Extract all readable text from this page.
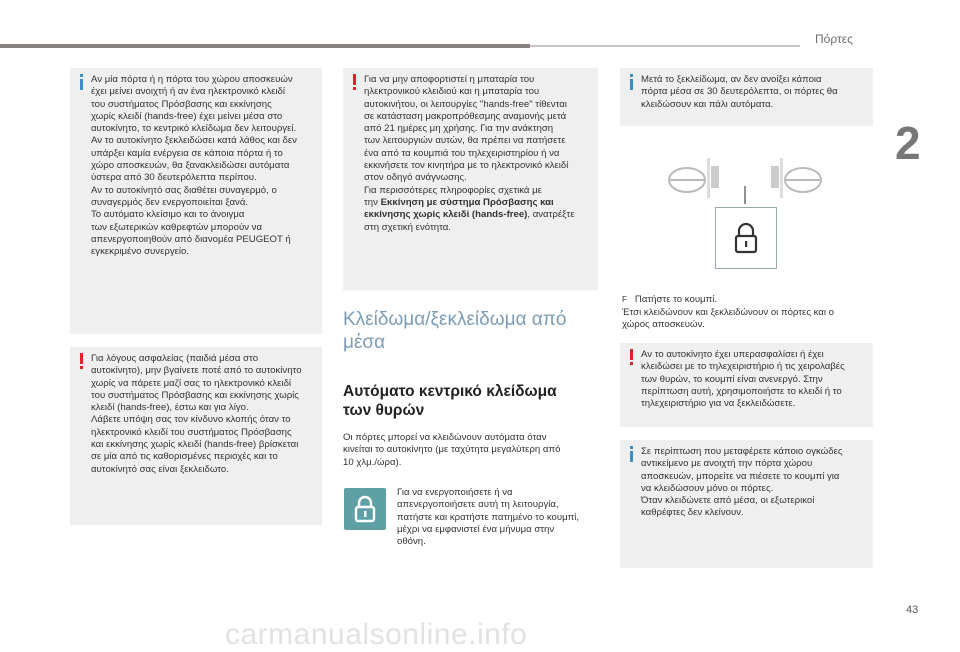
Πόρτες
2
Αν μία πόρτα ή η πόρτα του χώρου αποσκευών
έχει μείνει ανοιχτή ή αν ένα ηλεκτρονικό κλειδί
του συστήματος Πρόσβασης και εκκίνησης
χωρίς κλειδί (hands-free) έχει μείνει μέσα στο
αυτοκίνητο, το κεντρικό κλείδωμα δεν λειτουργεί.
Αν το αυτοκίνητο ξεκλειδώσει κατά λάθος και δεν
υπάρξει καμία ενέργεια σε κάποια πόρτα ή το
χώρο αποσκευών, θα ξανακλειδώσει αυτόματα
ύστερα από 30 δευτερόλεπτα περίπου.
Αν το αυτοκίνητό σας διαθέτει συναγερμό, ο
συναγερμός δεν ενεργοποιείται ξανά.
Το αυτόματο κλείσιμο και το άνοιγμα
των εξωτερικών καθρεφτών μπορούν να
απενεργοποιηθούν από διανομέα PEUGEOT ή
εγκεκριμένο συνεργείο.
Για λόγους ασφαλείας (παιδιά μέσα στο
αυτοκίνητο), μην βγαίνετε ποτέ από το αυτοκίνητο
χωρίς να πάρετε μαζί σας το ηλεκτρονικό κλειδί
του συστήματος Πρόσβασης και εκκίνησης χωρίς
κλειδί (hands-free), έστω και για λίγο.
Λάβετε υπόψη σας τον κίνδυνο κλοπής όταν το
ηλεκτρονικό κλειδί του συστήματος Πρόσβασης
και εκκίνησης χωρίς κλειδί (hands-free) βρίσκεται
σε μία από τις καθορισμένες περιοχές και το
αυτοκίνητό σας είναι ξεκλειδωτο.
Για να μην αποφορτιστεί η μπαταρία του
ηλεκτρονικού κλειδιού και η μπαταρία του
αυτοκινήτου, οι λειτουργίες "hands-free" τίθενται
σε κατάσταση μακροπρόθεσμης αναμονής μετά
από 21 ημέρες μη χρήσης. Για την ανάκτηση
των λειτουργιών αυτών, θα πρέπει να πατήσετε
ένα από τα κουμπιά του τηλεχειριστηρίου ή να
εκκινήσετε τον κινητήρα με το ηλεκτρονικό κλειδί
στον οδηγό ανάγνωσης.
Για περισσότερες πληροφορίες σχετικά με
την Εκκίνηση με σύστημα Πρόσβασης και
εκκίνησης χωρίς κλειδί (hands-free), ανατρέξτε
στη σχετική ενότητα.
Κλείδωμα/ξεκλείδωμα από
μέσα
Αυτόματο κεντρικό κλείδωμα
των θυρών
Οι πόρτες μπορεί να κλειδώνουν αυτόματα όταν
κινείται το αυτοκίνητο (με ταχύτητα μεγαλύτερη από
10 χλμ./ώρα).
Για να ενεργοποιήσετε ή να
απενεργοποιήσετε αυτή τη λειτουργία,
πατήστε και κρατήστε πατημένο το κουμπί,
μέχρι να εμφανιστεί ένα μήνυμα στην
οθόνη.
Μετά το ξεκλείδωμα, αν δεν ανοίξει κάποια
πόρτα μέσα σε 30 δευτερόλεπτα, οι πόρτες θα
κλειδώσουν και πάλι αυτόματα.

F Πατήστε το κουμπί.
Έτσι κλειδώνουν και ξεκλειδώνουν οι πόρτες και ο
χώρος αποσκευών.

Αν το αυτοκίνητο έχει υπερασφαλίσει ή έχει
κλειδώσει με το τηλεχειριστήριο ή τις χειρολαβές
των θυρών, το κουμπί είναι ανενεργό. Στην
περίπτωση αυτή, χρησιμοποιήστε το κλειδί ή το
τηλεχειριστήριο για να ξεκλειδώσετε.
Σε περίπτωση που μεταφέρετε κάποιο ογκώδες
αντικείμενο με ανοιχτή την πόρτα χώρου
αποσκευών, μπορείτε να πιέσετε το κουμπί για
να κλειδώσουν μόνο οι πόρτες.
Όταν κλειδώνετε από μέσα, οι εξωτερικοί
καθρέφτες δεν κλείνουν.
43
carmanualsonline.info
